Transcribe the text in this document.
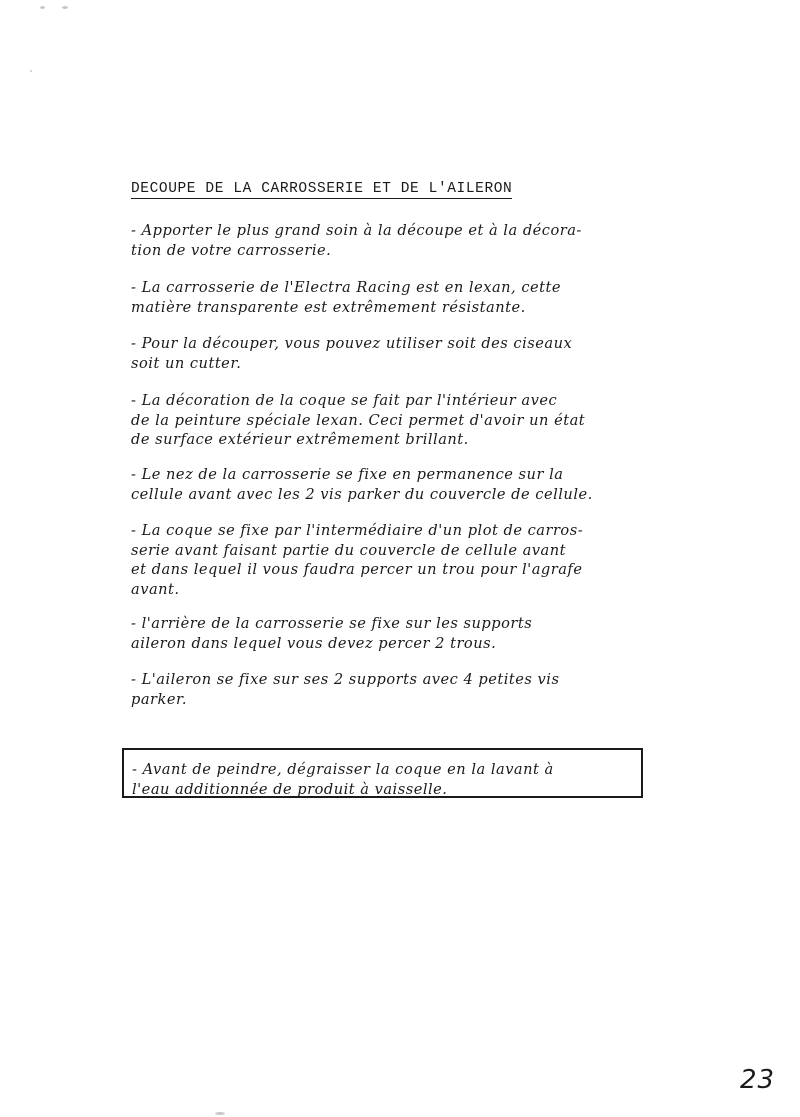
DECOUPE DE LA CARROSSERIE ET DE L'AILERON

- Apporter le plus grand soin à la découpe et à la décora-
tion de votre carrosserie.

- La carrosserie de l'Electra Racing est en lexan, cette
matière transparente est extrêmement résistante.

- Pour la découper, vous pouvez utiliser soit des ciseaux
soit un cutter.

- La décoration de la coque se fait par l'intérieur avec
de la peinture spéciale lexan. Ceci permet d'avoir un état
de surface extérieur extrêmement brillant.

- Le nez de la carrosserie se fixe en permanence sur la
cellule avant avec les 2 vis parker du couvercle de cellule.

- La coque se fixe par l'intermédiaire d'un plot de carros-
serie avant faisant partie du couvercle de cellule avant
et dans lequel il vous faudra percer un trou pour l'agrafe
avant.

- l'arrière de la carrosserie se fixe sur les supports
aileron dans lequel vous devez percer 2 trous.

- L'aileron se fixe sur ses 2 supports avec 4 petites vis
parker.

- Avant de peindre, dégraisser la coque en la lavant à
l'eau additionnée de produit à vaisselle.

23
